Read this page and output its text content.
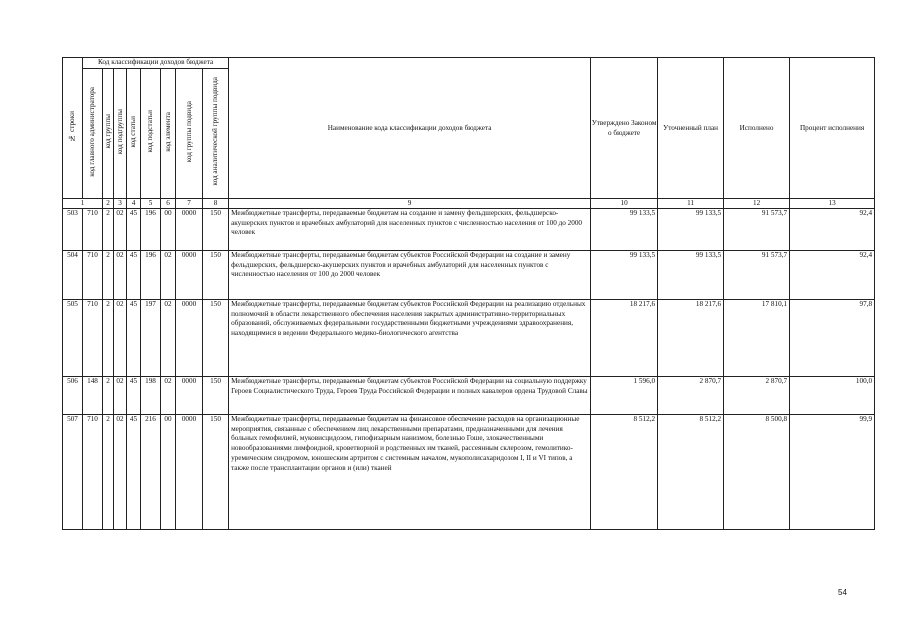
№ строки	Код классификации доходов бюджета								Наименование кода классификации доходов бюджета	Утверждено Законом о бюджете	Уточненный план	Исполнено	Процент исполнения
	код главного администратора	код группы	код подгруппы	код статьи	код подстатьи	код элемента	код группы подвида	код аналитической группы подвида					
1		2	3	4	5	6	7	8	9	10	11	12	13
503	710	2	02	45	196	00	0000	150	Межбюджетные трансферты, передаваемые бюджетам на создание и замену фельдшерских, фельдшерско-акушерских пунктов и врачебных амбулаторий для населенных пунктов с численностью населения от 100 до 2000 человек	99 133,5	99 133,5	91 573,7	92,4
504	710	2	02	45	196	02	0000	150	Межбюджетные трансферты, передаваемые бюджетам субъектов Российской Федерации на создание и замену фельдшерских, фельдшерско-акушерских пунктов и врачебных амбулаторий для населенных пунктов с численностью населения от 100 до 2000 человек	99 133,5	99 133,5	91 573,7	92,4
505	710	2	02	45	197	02	0000	150	Межбюджетные трансферты, передаваемые бюджетам субъектов Российской Федерации на реализацию отдельных полномочий в области лекарственного обеспечения населения закрытых административно-территориальных образований, обслуживаемых федеральными государственными бюджетными учреждениями здравоохранения, находящимися в ведении Федерального медико-биологического агентства	18 217,6	18 217,6	17 810,1	97,8
506	148	2	02	45	198	02	0000	150	Межбюджетные трансферты, передаваемые бюджетам субъектов Российской Федерации на социальную поддержку Героев Социалистического Труда, Героев Труда Российской Федерации и полных кавалеров ордена Трудовой Славы	1 596,0	2 870,7	2 870,7	100,0
507	710	2	02	45	216	00	0000	150	Межбюджетные трансферты, передаваемые бюджетам на финансовое обеспечение расходов на организационные мероприятия, связанные с обеспечением лиц лекарственными препаратами, предназначенными для лечения больных гемофилией, муковисцидозом, гипофизарным нанизмом, болезнью Гоше, злокачественными новообразованиями лимфоидной, кроветворной и родственных им тканей, рассеянным склерозом, гемолитико-уремическим синдромом, юношеским артритом с системным началом, мукополисахаридозом I, II и VI типов, а также после трансплантации органов и (или) тканей	8 512,2	8 512,2	8 500,8	99,9
54
